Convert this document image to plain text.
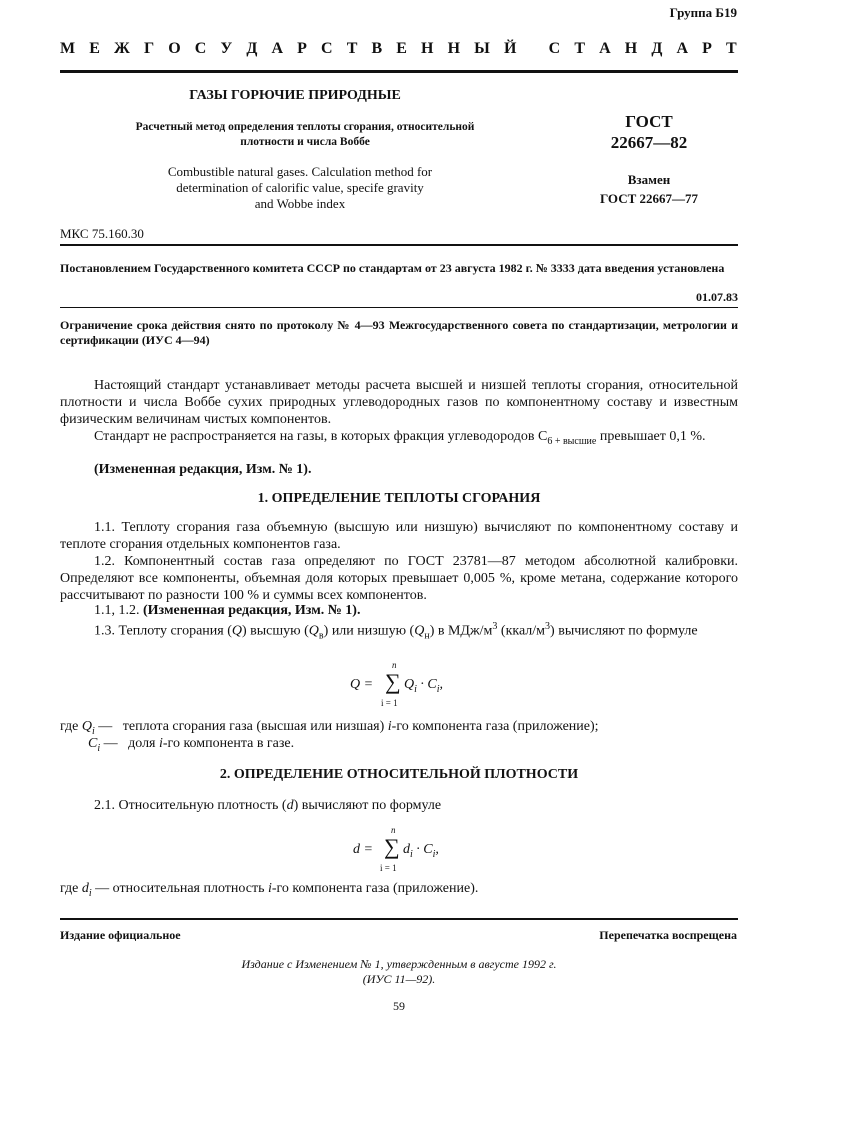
Группа Б19
М Е Ж Г О С У Д А Р С Т В Е Н Н Ы Й
С Т А Н Д А Р Т
ГАЗЫ ГОРЮЧИЕ ПРИРОДНЫЕ
Расчетный метод определения теплоты сгорания, относительной
плотности и числа Воббе
Combustible natural gases. Calculation method for
determination of calorific value, specife gravity
and Wobbe index
ГОСТ
22667—82
Взамен
ГОСТ 22667—77
МКС 75.160.30
Постановлением Государственного комитета СССР по стандартам от 23 августа 1982 г. № 3333 дата введения установлена
01.07.83
Ограничение срока действия снято по протоколу № 4—93 Межгосударственного совета по стандартизации, метрологии и сертификации (ИУС 4—94)
Настоящий стандарт устанавливает методы расчета высшей и низшей теплоты сгорания, относительной плотности и числа Воббе сухих природных углеводородных газов по компонентному составу и известным физическим величинам чистых компонентов.
Стандарт не распространяется на газы, в которых фракция углеводородов $С_{6 + высшие}$ превышает 0,1 %.
(Измененная редакция, Изм. № 1).
1. ОПРЕДЕЛЕНИЕ ТЕПЛОТЫ СГОРАНИЯ
1.1. Теплоту сгорания газа объемную (высшую или низшую) вычисляют по компонентному составу и теплоте сгорания отдельных компонентов газа.
1.2. Компонентный состав газа определяют по ГОСТ 23781—87 методом абсолютной калибровки. Определяют все компоненты, объемная доля которых превышает 0,005 %, кроме метана, содержание которого рассчитывают по разности 100 % и суммы всех компонентов.
1.1, 1.2. (Измененная редакция, Изм. № 1).
1.3. Теплоту сгорания (Q) высшую $(Q_в)$ или низшую $(Q_н)$ в МДж/$м^3$ $(ккал/м^3)$ вычисляют по формуле
Q =
n
∑
i = 1
$Q_i \cdot C_i$,
где $Q_i$ — теплота сгорания газа (высшая или низшая) i-го компонента газа (приложение);
$C_i$ — доля i-го компонента в газе.
2. ОПРЕДЕЛЕНИЕ ОТНОСИТЕЛЬНОЙ ПЛОТНОСТИ
2.1. Относительную плотность (d) вычисляют по формуле
d =
n
∑
i = 1
$d_i \cdot C_i$,
где $d_i$ — относительная плотность i-го компонента газа (приложение).
Издание официальное	Перепечатка воспрещена
Издание с Изменением № 1, утвержденным в августе 1992 г.
(ИУС 11—92).
59
